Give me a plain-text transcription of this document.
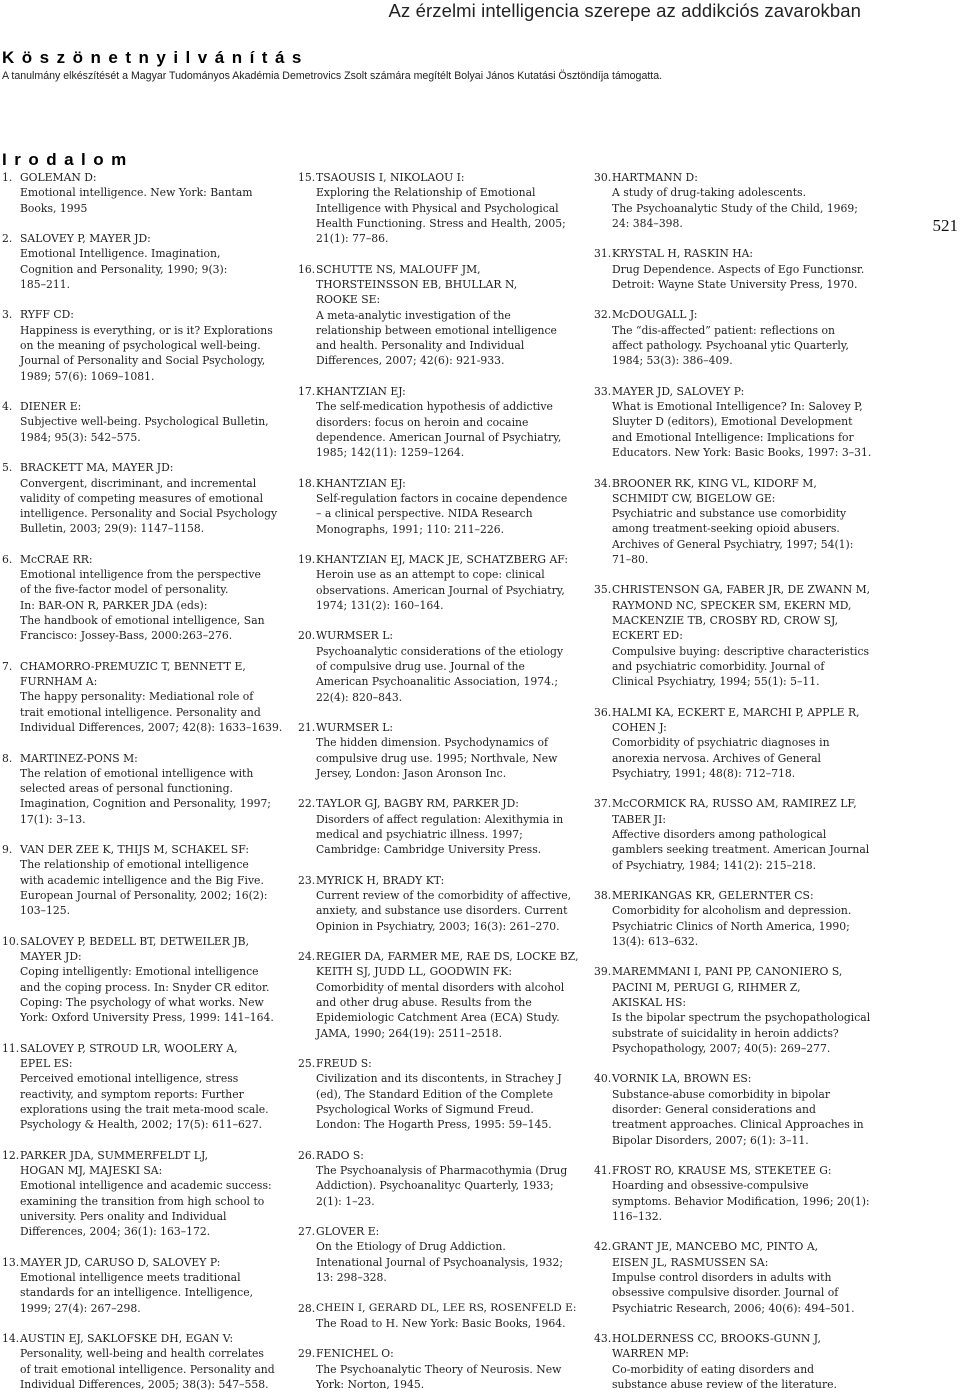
Az érzelmi intelligencia szerepe az addikciós zavarokban
Köszönetnyilvánítás
A tanulmány elkészítését a Magyar Tudományos Akadémia Demetrovics Zsolt számára megítélt Bolyai János Kutatási Ösztöndíja támogatta.
Irodalom
521
1. GOLEMAN D:
Emotional intelligence. New York: Bantam
Books, 1995
2. SALOVEY P, MAYER JD:
Emotional Intelligence. Imagination,
Cognition and Personality, 1990; 9(3):
185–211.
3. RYFF CD:
Happiness is everything, or is it? Explorations
on the meaning of psychological well-being.
Journal of Personality and Social Psychology,
1989; 57(6): 1069–1081.
4. DIENER E:
Subjective well-being. Psychological Bulletin,
1984; 95(3): 542–575.
5. BRACKETT MA, MAYER JD:
Convergent, discriminant, and incremental
validity of competing measures of emotional
intelligence. Personality and Social Psychology
Bulletin, 2003; 29(9): 1147–1158.
6. McCRAE RR:
Emotional intelligence from the perspective
of the five-factor model of personality.
In: BAR-ON R, PARKER JDA (eds):
The handbook of emotional intelligence, San
Francisco: Jossey-Bass, 2000:263–276.
7. CHAMORRO-PREMUZIC T, BENNETT E,
FURNHAM A:
The happy personality: Mediational role of
trait emotional intelligence. Personality and
Individual Differences, 2007; 42(8): 1633–1639.
8. MARTINEZ-PONS M:
The relation of emotional intelligence with
selected areas of personal functioning.
Imagination, Cognition and Personality, 1997;
17(1): 3–13.
9. VAN DER ZEE K, THIJS M, SCHAKEL SF:
The relationship of emotional intelligence
with academic intelligence and the Big Five.
European Journal of Personality, 2002; 16(2):
103–125.
10. SALOVEY P, BEDELL BT, DETWEILER JB,
MAYER JD:
Coping intelligently: Emotional intelligence
and the coping process. In: Snyder CR editor.
Coping: The psychology of what works. New
York: Oxford University Press, 1999: 141–164.
11. SALOVEY P, STROUD LR, WOOLERY A,
EPEL ES:
Perceived emotional intelligence, stress
reactivity, and symptom reports: Further
explorations using the trait meta-mood scale.
Psychology & Health, 2002; 17(5): 611–627.
12. PARKER JDA, SUMMERFELDT LJ,
HOGAN MJ, MAJESKI SA:
Emotional intelligence and academic success:
examining the transition from high school to
university. Pers onality and Individual
Differences, 2004; 36(1): 163–172.
13. MAYER JD, CARUSO D, SALOVEY P:
Emotional intelligence meets traditional
standards for an intelligence. Intelligence,
1999; 27(4): 267–298.
14. AUSTIN EJ, SAKLOFSKE DH, EGAN V:
Personality, well-being and health correlates
of trait emotional intelligence. Personality and
Individual Differences, 2005; 38(3): 547–558.
15. TSAOUSIS I, NIKOLAOU I:
Exploring the Relationship of Emotional
Intelligence with Physical and Psychological
Health Functioning. Stress and Health, 2005;
21(1): 77–86.
16. SCHUTTE NS, MALOUFF JM,
THORSTEINSSON EB, BHULLAR N,
ROOKE SE:
A meta-analytic investigation of the
relationship between emotional intelligence
and health. Personality and Individual
Differences, 2007; 42(6): 921-933.
17. KHANTZIAN EJ:
The self-medication hypothesis of addictive
disorders: focus on heroin and cocaine
dependence. American Journal of Psychiatry,
1985; 142(11): 1259–1264.
18. KHANTZIAN EJ:
Self-regulation factors in cocaine dependence
– a clinical perspective. NIDA Research
Monographs, 1991; 110: 211–226.
19. KHANTZIAN EJ, MACK JE, SCHATZBERG AF:
Heroin use as an attempt to cope: clinical
observations. American Journal of Psychiatry,
1974; 131(2): 160–164.
20. WURMSER L:
Psychoanalytic considerations of the etiology
of compulsive drug use. Journal of the
American Psychoanalitic Association, 1974.;
22(4): 820–843.
21. WURMSER L:
The hidden dimension. Psychodynamics of
compulsive drug use. 1995; Northvale, New
Jersey, London: Jason Aronson Inc.
22. TAYLOR GJ, BAGBY RM, PARKER JD:
Disorders of affect regulation: Alexithymia in
medical and psychiatric illness. 1997;
Cambridge: Cambridge University Press.
23. MYRICK H, BRADY KT:
Current review of the comorbidity of affective,
anxiety, and substance use disorders. Current
Opinion in Psychiatry, 2003; 16(3): 261–270.
24. REGIER DA, FARMER ME, RAE DS, LOCKE BZ,
KEITH SJ, JUDD LL, GOODWIN FK:
Comorbidity of mental disorders with alcohol
and other drug abuse. Results from the
Epidemiologic Catchment Area (ECA) Study.
JAMA, 1990; 264(19): 2511–2518.
25. FREUD S:
Civilization and its discontents, in Strachey J
(ed), The Standard Edition of the Complete
Psychological Works of Sigmund Freud.
London: The Hogarth Press, 1995: 59–145.
26. RADO S:
The Psychoanalysis of Pharmacothymia (Drug
Addiction). Psychoanalityc Quarterly, 1933;
2(1): 1–23.
27. GLOVER E:
On the Etiology of Drug Addiction.
Intenational Journal of Psychoanalysis, 1932;
13: 298–328.
28. CHEIN I, GERARD DL, LEE RS, ROSENFELD E:
The Road to H. New York: Basic Books, 1964.
29. FENICHEL O:
The Psychoanalytic Theory of Neurosis. New
York: Norton, 1945.
30. HARTMANN D:
A study of drug-taking adolescents.
The Psychoanalytic Study of the Child, 1969;
24: 384–398.
31. KRYSTAL H, RASKIN HA:
Drug Dependence. Aspects of Ego Functionsr.
Detroit: Wayne State University Press, 1970.
32. McDOUGALL J:
The “dis-affected” patient: reflections on
affect pathology. Psychoanal ytic Quarterly,
1984; 53(3): 386–409.
33. MAYER JD, SALOVEY P:
What is Emotional Intelligence? In: Salovey P,
Sluyter D (editors), Emotional Development
and Emotional Intelligence: Implications for
Educators. New York: Basic Books, 1997: 3–31.
34. BROONER RK, KING VL, KIDORF M,
SCHMIDT CW, BIGELOW GE:
Psychiatric and substance use comorbidity
among treatment-seeking opioid abusers.
Archives of General Psychiatry, 1997; 54(1):
71–80.
35. CHRISTENSON GA, FABER JR, DE ZWANN M,
RAYMOND NC, SPECKER SM, EKERN MD,
MACKENZIE TB, CROSBY RD, CROW SJ,
ECKERT ED:
Compulsive buying: descriptive characteristics
and psychiatric comorbidity. Journal of
Clinical Psychiatry, 1994; 55(1): 5–11.
36. HALMI KA, ECKERT E, MARCHI P, APPLE R,
COHEN J:
Comorbidity of psychiatric diagnoses in
anorexia nervosa. Archives of General
Psychiatry, 1991; 48(8): 712–718.
37. McCORMICK RA, RUSSO AM, RAMIREZ LF,
TABER JI:
Affective disorders among pathological
gamblers seeking treatment. American Journal
of Psychiatry, 1984; 141(2): 215–218.
38. MERIKANGAS KR, GELERNTER CS:
Comorbidity for alcoholism and depression.
Psychiatric Clinics of North America, 1990;
13(4): 613–632.
39. MAREMMANI I, PANI PP, CANONIERO S,
PACINI M, PERUGI G, RIHMER Z,
AKISKAL HS:
Is the bipolar spectrum the psychopathological
substrate of suicidality in heroin addicts?
Psychopathology, 2007; 40(5): 269–277.
40. VORNIK LA, BROWN ES:
Substance-abuse comorbidity in bipolar
disorder: General considerations and
treatment approaches. Clinical Approaches in
Bipolar Disorders, 2007; 6(1): 3–11.
41. FROST RO, KRAUSE MS, STEKETEE G:
Hoarding and obsessive-compulsive
symptoms. Behavior Modification, 1996; 20(1):
116–132.
42. GRANT JE, MANCEBO MC, PINTO A,
EISEN JL, RASMUSSEN SA:
Impulse control disorders in adults with
obsessive compulsive disorder. Journal of
Psychiatric Research, 2006; 40(6): 494–501.
43. HOLDERNESS CC, BROOKS-GUNN J,
WARREN MP:
Co-morbidity of eating disorders and
substance abuse review of the literature.
